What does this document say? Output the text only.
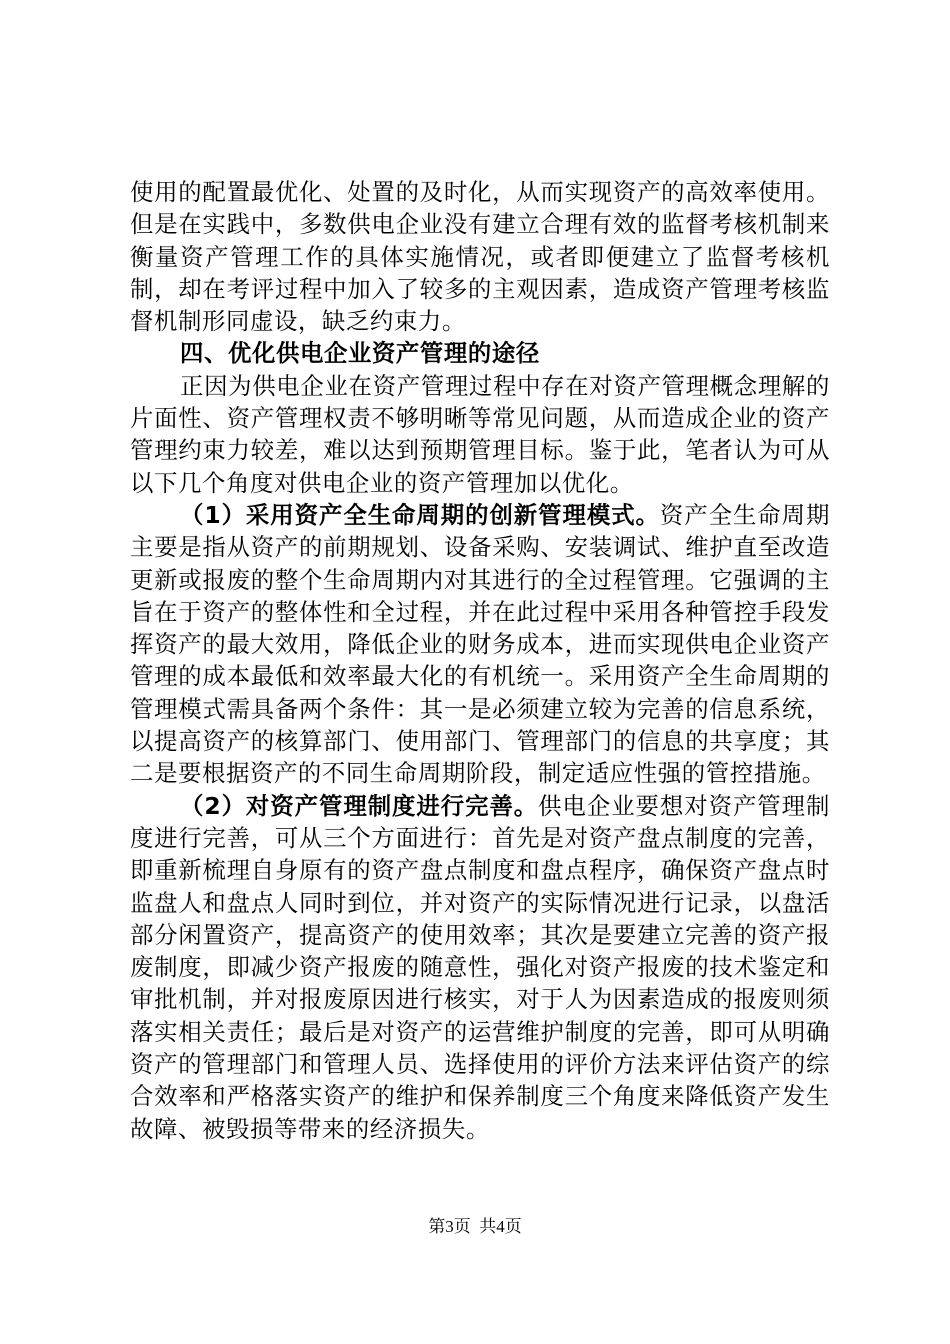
使用的配置最优化、处置的及时化，从而实现资产的高效率使用。但是在实践中，多数供电企业没有建立合理有效的监督考核机制来衡量资产管理工作的具体实施情况，或者即便建立了监督考核机制，却在考评过程中加入了较多的主观因素，造成资产管理考核监督机制形同虚设，缺乏约束力。

四、优化供电企业资产管理的途径

正因为供电企业在资产管理过程中存在对资产管理概念理解的片面性、资产管理权责不够明晰等常见问题，从而造成企业的资产管理约束力较差，难以达到预期管理目标。鉴于此，笔者认为可从以下几个角度对供电企业的资产管理加以优化。

（1）采用资产全生命周期的创新管理模式。资产全生命周期主要是指从资产的前期规划、设备采购、安装调试、维护直至改造更新或报废的整个生命周期内对其进行的全过程管理。它强调的主旨在于资产的整体性和全过程，并在此过程中采用各种管控手段发挥资产的最大效用，降低企业的财务成本，进而实现供电企业资产管理的成本最低和效率最大化的有机统一。采用资产全生命周期的管理模式需具备两个条件：其一是必须建立较为完善的信息系统，以提高资产的核算部门、使用部门、管理部门的信息的共享度；其二是要根据资产的不同生命周期阶段，制定适应性强的管控措施。

（2）对资产管理制度进行完善。供电企业要想对资产管理制度进行完善，可从三个方面进行：首先是对资产盘点制度的完善，即重新梳理自身原有的资产盘点制度和盘点程序，确保资产盘点时监盘人和盘点人同时到位，并对资产的实际情况进行记录，以盘活部分闲置资产，提高资产的使用效率；其次是要建立完善的资产报废制度，即减少资产报废的随意性，强化对资产报废的技术鉴定和审批机制，并对报废原因进行核实，对于人为因素造成的报废则须落实相关责任；最后是对资产的运营维护制度的完善，即可从明确资产的管理部门和管理人员、选择使用的评价方法来评估资产的综合效率和严格落实资产的维护和保养制度三个角度来降低资产发生故障、被毁损等带来的经济损失。

第3页  共4页
